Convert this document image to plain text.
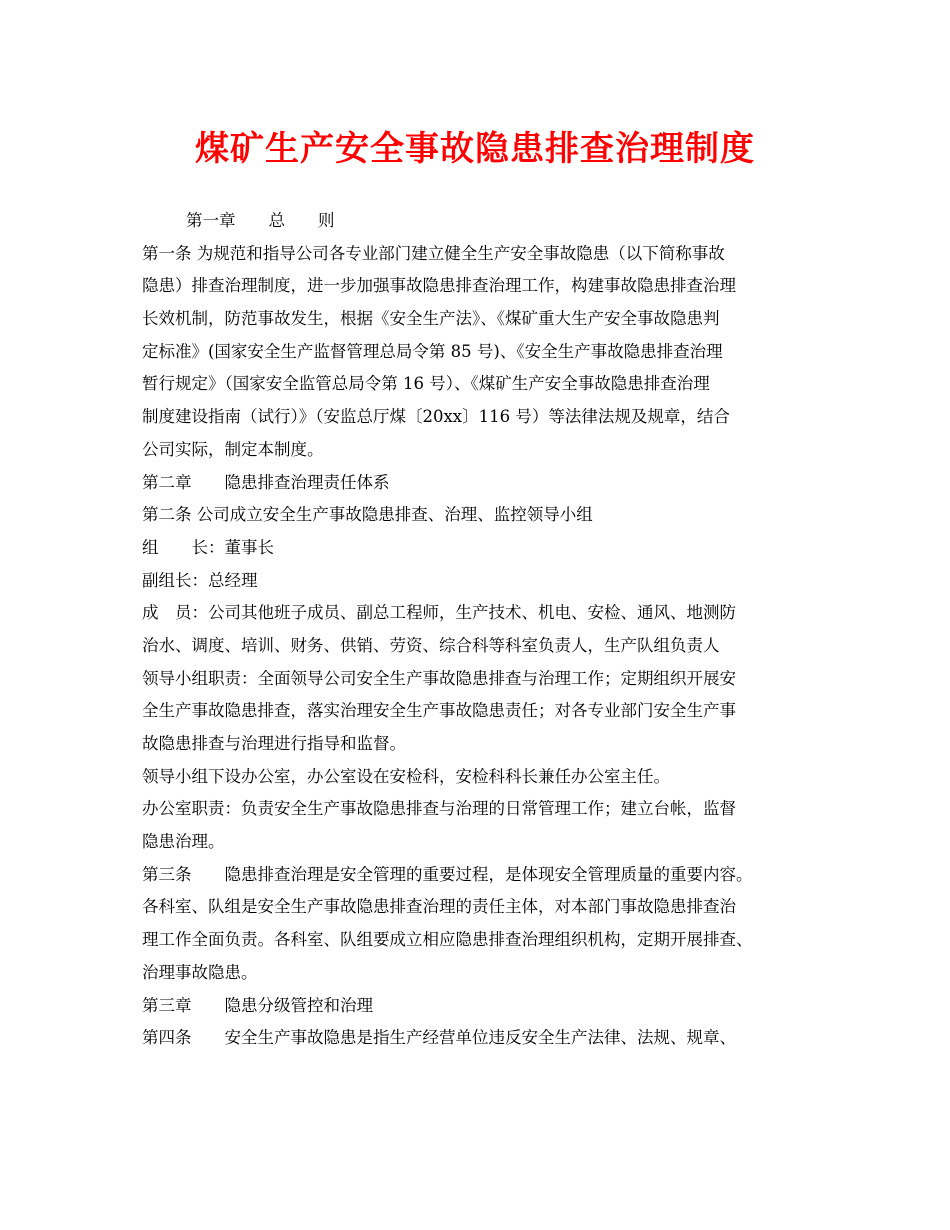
煤矿生产安全事故隐患排查治理制度
第一章　　总　　则
第一条 为规范和指导公司各专业部门建立健全生产安全事故隐患（以下简称事故
隐患）排查治理制度，进一步加强事故隐患排查治理工作，构建事故隐患排查治理
长效机制，防范事故发生，根据《安全生产法》、《煤矿重大生产安全事故隐患判
定标准》(国家安全生产监督管理总局令第 85 号)、《安全生产事故隐患排查治理
暂行规定》（国家安全监管总局令第 16 号）、《煤矿生产安全事故隐患排查治理
制度建设指南（试行）》（安监总厅煤〔20xx〕116 号）等法律法规及规章，结合
公司实际，制定本制度。
第二章　　隐患排查治理责任体系
第二条 公司成立安全生产事故隐患排查、治理、监控领导小组
组　　长：董事长
副组长：总经理
成　员：公司其他班子成员、副总工程师，生产技术、机电、安检、通风、地测防
治水、调度、培训、财务、供销、劳资、综合科等科室负责人，生产队组负责人
领导小组职责：全面领导公司安全生产事故隐患排查与治理工作；定期组织开展安
全生产事故隐患排查，落实治理安全生产事故隐患责任；对各专业部门安全生产事
故隐患排查与治理进行指导和监督。
领导小组下设办公室，办公室设在安检科，安检科科长兼任办公室主任。
办公室职责：负责安全生产事故隐患排查与治理的日常管理工作；建立台帐，监督
隐患治理。
第三条　　隐患排查治理是安全管理的重要过程，是体现安全管理质量的重要内容。
各科室、队组是安全生产事故隐患排查治理的责任主体，对本部门事故隐患排查治
理工作全面负责。各科室、队组要成立相应隐患排查治理组织机构，定期开展排查、
治理事故隐患。
第三章　　隐患分级管控和治理
第四条　　安全生产事故隐患是指生产经营单位违反安全生产法律、法规、规章、
